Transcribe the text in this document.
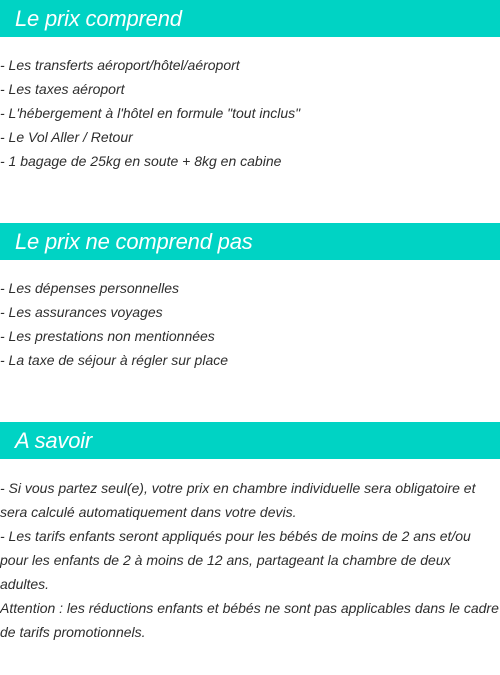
Le prix comprend
- Les transferts aéroport/hôtel/aéroport
- Les taxes aéroport
- L'hébergement à l'hôtel en formule "tout inclus"
- Le Vol Aller / Retour
- 1 bagage de 25kg en soute + 8kg en cabine
Le prix ne comprend pas
- Les dépenses personnelles
- Les assurances voyages
- Les prestations non mentionnées
- La taxe de séjour à régler sur place
A savoir

- Si vous partez seul(e), votre prix en chambre individuelle sera obligatoire et sera calculé automatiquement dans votre devis.

- Les tarifs enfants seront appliqués pour les bébés de moins de 2 ans et/ou pour les enfants de 2 à moins de 12 ans, partageant la chambre de deux adultes.

Attention : les réductions enfants et bébés ne sont pas applicables dans le cadre de tarifs promotionnels.
